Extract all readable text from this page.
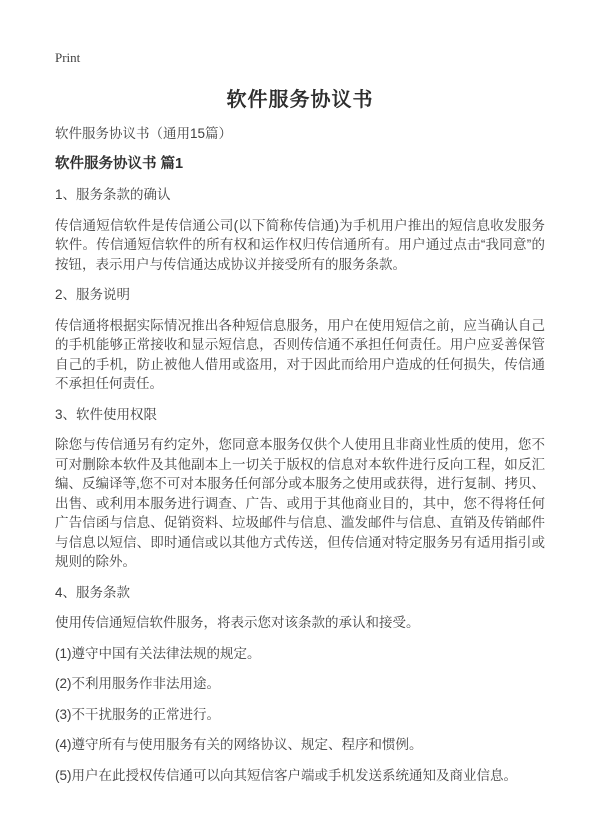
Print
软件服务协议书

软件服务协议书（通用15篇）

软件服务协议书 篇1

1、服务条款的确认

传信通短信软件是传信通公司(以下简称传信通)为手机用户推出的短信息收发服务软件。传信通短信软件的所有权和运作权归传信通所有。用户通过点击“我同意”的按钮，表示用户与传信通达成协议并接受所有的服务条款。

2、服务说明

传信通将根据实际情况推出各种短信息服务，用户在使用短信之前，应当确认自己的手机能够正常接收和显示短信息，否则传信通不承担任何责任。用户应妥善保管自己的手机，防止被他人借用或盗用，对于因此而给用户造成的任何损失，传信通不承担任何责任。

3、软件使用权限

除您与传信通另有约定外，您同意本服务仅供个人使用且非商业性质的使用，您不可对删除本软件及其他副本上一切关于版权的信息对本软件进行反向工程，如反汇编、反编译等,您不可对本服务任何部分或本服务之使用或获得，进行复制、拷贝、出售、或利用本服务进行调查、广告、或用于其他商业目的，其中，您不得将任何广告信函与信息、促销资料、垃圾邮件与信息、滥发邮件与信息、直销及传销邮件与信息以短信、即时通信或以其他方式传送，但传信通对特定服务另有适用指引或规则的除外。

4、服务条款

使用传信通短信软件服务，将表示您对该条款的承认和接受。

(1)遵守中国有关法律法规的规定。

(2)不利用服务作非法用途。

(3)不干扰服务的正常进行。

(4)遵守所有与使用服务有关的网络协议、规定、程序和惯例。

(5)用户在此授权传信通可以向其短信客户端或手机发送系统通知及商业信息。
